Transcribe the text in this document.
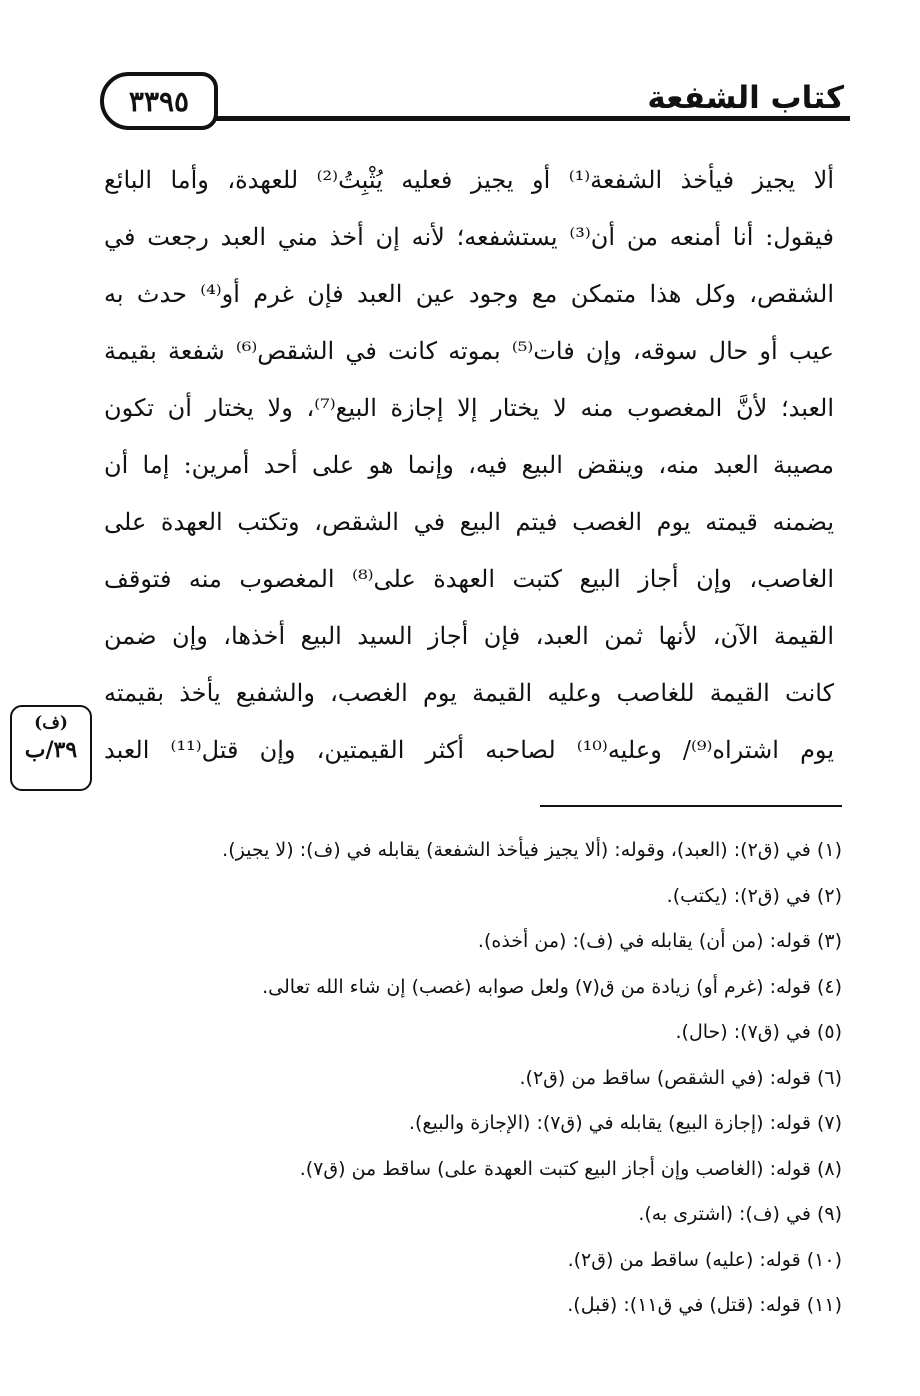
كتاب الشفعة
٣٣٩٥
ألا يجيز فيأخذ الشفعة⁽¹⁾ أو يجيز فعليه يُثْبِتُ⁽²⁾ للعهدة، وأما البائع
فيقول: أنا أمنعه من أن⁽³⁾ يستشفعه؛ لأنه إن أخذ مني العبد رجعت في
الشقص، وكل هذا متمكن مع وجود عين العبد فإن غرم أو⁽⁴⁾ حدث به
عيب أو حال سوقه، وإن فات⁽⁵⁾ بموته كانت في الشقص⁽⁶⁾ شفعة بقيمة
العبد؛ لأنَّ المغصوب منه لا يختار إلا إجازة البيع⁽⁷⁾، ولا يختار أن تكون
مصيبة العبد منه، وينقض البيع فيه، وإنما هو على أحد أمرين: إما أن
يضمنه قيمته يوم الغصب فيتم البيع في الشقص، وتكتب العهدة على
الغاصب، وإن أجاز البيع كتبت العهدة على⁽⁸⁾ المغصوب منه فتوقف
القيمة الآن، لأنها ثمن العبد، فإن أجاز السيد البيع أخذها، وإن ضمن
كانت القيمة للغاصب وعليه القيمة يوم الغصب، والشفيع يأخذ بقيمته
يوم اشتراه⁽⁹⁾/ وعليه⁽¹⁰⁾ لصاحبه أكثر القيمتين، وإن قتل⁽¹¹⁾ العبد
(ف)
٣٩/ب
(١) في (ق٢): (العبد)، وقوله: (ألا يجيز فيأخذ الشفعة) يقابله في (ف): (لا يجيز).
(٢) في (ق٢): (يكتب).
(٣) قوله: (من أن) يقابله في (ف): (من أخذه).
(٤) قوله: (غرم أو) زيادة من ق(٧) ولعل صوابه (غصب) إن شاء الله تعالى.
(٥) في (ق٧): (حال).
(٦) قوله: (في الشقص) ساقط من (ق٢).
(٧) قوله: (إجازة البيع) يقابله في (ق٧): (الإجازة والبيع).
(٨) قوله: (الغاصب وإن أجاز البيع كتبت العهدة على) ساقط من (ق٧).
(٩) في (ف): (اشترى به).
(١٠) قوله: (عليه) ساقط من (ق٢).
(١١) قوله: (قتل) في ق١١): (قبل).
